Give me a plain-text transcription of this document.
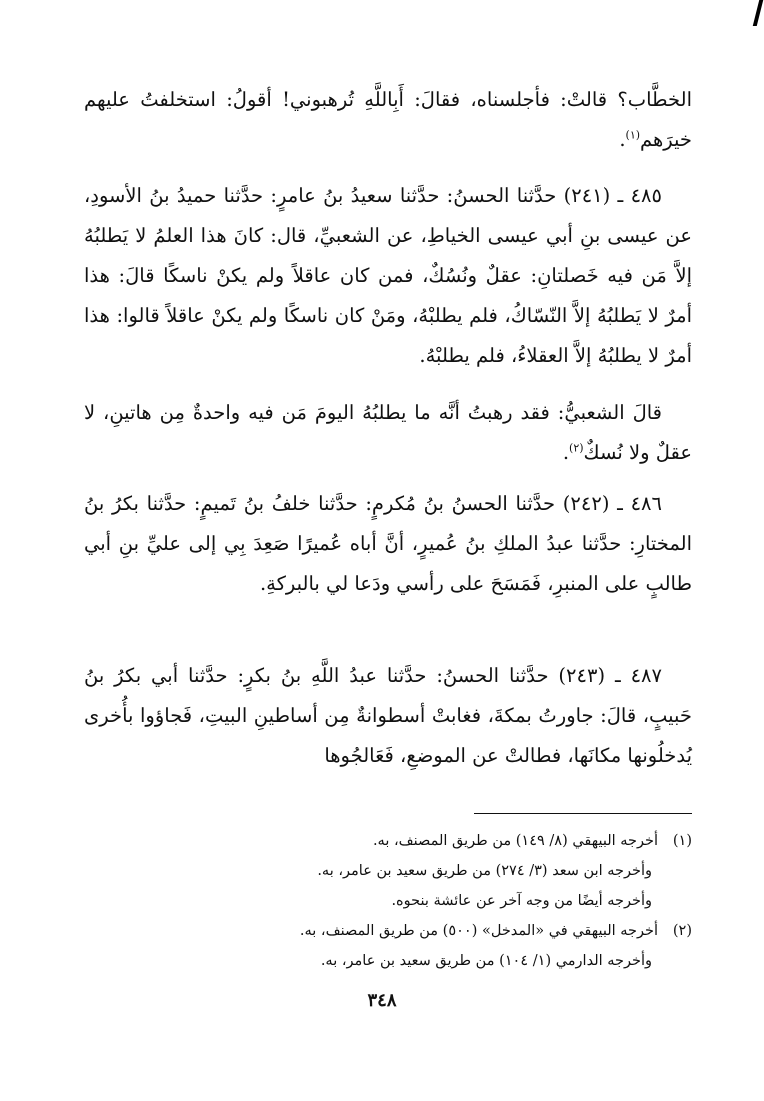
الخطَّاب؟ قالتْ: فأجلسناه، فقالَ: أَبِاللَّهِ تُرهبوني! أقولُ: استخلفتُ عليهم خيرَهم$^{(١)}$.

٤٨٥ ـ (٢٤١) حدَّثنا الحسنُ: حدَّثنا سعيدُ بنُ عامرٍ: حدَّثنا حميدُ بنُ الأسودِ، عن عيسى بنِ أبي عيسى الخياطِ، عن الشعبيِّ، قال: كانَ هذا العلمُ لا يَطلبُهُ إلاَّ مَن فيه خَصلتانِ: عقلٌ ونُسُكٌ، فمن كان عاقلاً ولم يكنْ ناسكًا قالَ: هذا أمرٌ لا يَطلبُهُ إلاَّ النّسّاكُ، فلم يطلبْهُ، ومَنْ كان ناسكًا ولم يكنْ عاقلاً قالوا: هذا أمرٌ لا يطلبُهُ إلاَّ العقلاءُ، فلم يطلبْهُ.

قالَ الشعبيُّ: فقد رهبتُ أنَّه ما يطلبُهُ اليومَ مَن فيه واحدةٌ مِن هاتينِ، لا عقلٌ ولا نُسكٌ$^{(٢)}$.

٤٨٦ ـ (٢٤٢) حدَّثنا الحسنُ بنُ مُكرمٍ: حدَّثنا خلفُ بنُ تَميمٍ: حدَّثنا بكرُ بنُ المختارِ: حدَّثنا عبدُ الملكِ بنُ عُميرٍ، أنَّ أباه عُميرًا صَعِدَ بِي إلى عليِّ بنِ أبي طالبٍ على المنبرِ، فَمَسَحَ على رأسي ودَعا لي بالبركةِ.

٤٨٧ ـ (٢٤٣) حدَّثنا الحسنُ: حدَّثنا عبدُ اللَّهِ بنُ بكرٍ: حدَّثنا أبي بكرُ بنُ حَبيبٍ، قالَ: جاورتُ بمكةَ، فغابتْ أسطوانةٌ مِن أساطينِ البيتِ، فَجاؤوا بأُخرى يُدخلُونها مكانَها، فطالتْ عن الموضعِ، فَعَالجُوها

(١)أخرجه البيهقي (٨/ ١٤٩) من طريق المصنف، به.
وأخرجه ابن سعد (٣/ ٢٧٤) من طريق سعيد بن عامر، به.
وأخرجه أيضًا من وجه آخر عن عائشة بنحوه.
(٢)أخرجه البيهقي في «المدخل» (٥٠٠) من طريق المصنف، به.
وأخرجه الدارمي (١/ ١٠٤) من طريق سعيد بن عامر، به.
٣٤٨
